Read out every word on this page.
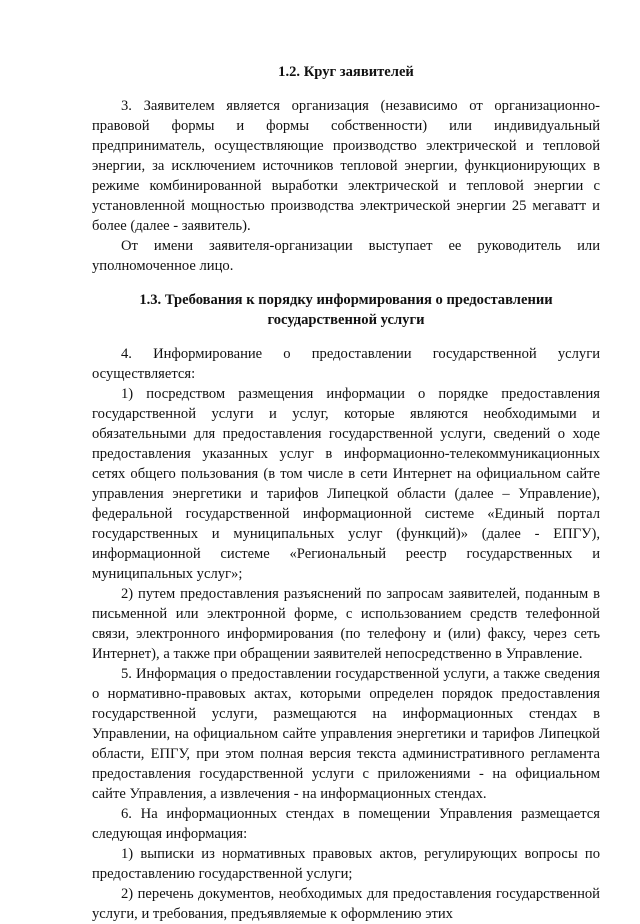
1.2. Круг заявителей

3. Заявителем является организация (независимо от организационно-правовой формы и формы собственности) или индивидуальный предприниматель, осуществляющие производство электрической и тепловой энергии, за исключением источников тепловой энергии, функционирующих в режиме комбинированной выработки электрической и тепловой энергии с установленной мощностью производства электрической энергии 25 мегаватт и более (далее - заявитель).

От имени заявителя-организации выступает ее руководитель или уполномоченное лицо.

1.3. Требования к порядку информирования о предоставлении государственной услуги

4. Информирование о предоставлении государственной услуги осуществляется:

1) посредством размещения информации о порядке предоставления государственной услуги и услуг, которые являются необходимыми и обязательными для предоставления государственной услуги, сведений о ходе предоставления указанных услуг в информационно-телекоммуникационных сетях общего пользования (в том числе в сети Интернет на официальном сайте управления энергетики и тарифов Липецкой области (далее – Управление), федеральной государственной информационной системе «Единый портал государственных и муниципальных услуг (функций)» (далее - ЕПГУ), информационной системе «Региональный реестр государственных и муниципальных услуг»;

2) путем предоставления разъяснений по запросам заявителей, поданным в письменной или электронной форме, с использованием средств телефонной связи, электронного информирования (по телефону и (или) факсу, через сеть Интернет), а также при обращении заявителей непосредственно в Управление.

5. Информация о предоставлении государственной услуги, а также сведения о нормативно-правовых актах, которыми определен порядок предоставления государственной услуги, размещаются на информационных стендах в Управлении, на официальном сайте управления энергетики и тарифов Липецкой области, ЕПГУ, при этом полная версия текста административного регламента предоставления государственной услуги с приложениями - на официальном сайте Управления, а извлечения - на информационных стендах.

6. На информационных стендах в помещении Управления размещается следующая информация:

1) выписки из нормативных правовых актов, регулирующих вопросы по предоставлению государственной услуги;

2) перечень документов, необходимых для предоставления государственной услуги, и требования, предъявляемые к оформлению этих
